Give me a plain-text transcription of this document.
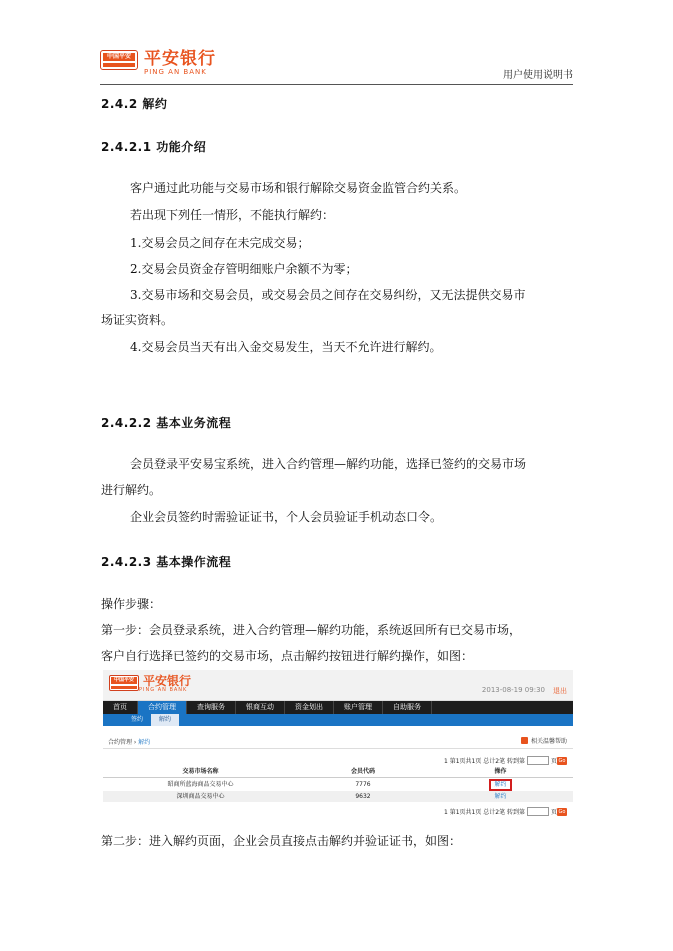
中国平安 平安银行
PING AN BANK	用户使用说明书
2.4.2 解约
2.4.2.1 功能介绍
客户通过此功能与交易市场和银行解除交易资金监管合约关系。
若出现下列任一情形，不能执行解约：
1.交易会员之间存在未完成交易；
2.交易会员资金存管明细账户余额不为零；
3.交易市场和交易会员，或交易会员之间存在交易纠纷，又无法提供交易市
场证实资料。
4.交易会员当天有出入金交易发生，当天不允许进行解约。
2.4.2.2 基本业务流程
会员登录平安易宝系统，进入合约管理—解约功能，选择已签约的交易市场
进行解约。
企业会员签约时需验证证书，个人会员验证手机动态口令。
2.4.2.3 基本操作流程
操作步骤：
第一步：会员登录系统，进入合约管理—解约功能，系统返回所有已交易市场，
客户自行选择已签约的交易市场，点击解约按钮进行解约操作，如图：
中国平安 平安银行
PING AN BANK	2013-08-19 09:30 退出
首页	合约管理	查询服务	银商互动	资金划出	账户管理	自助服务
签约	解约
合约管理 › 解约	相关温馨帮助
1 第1页共1页 总计2笔 转到第	页 Go
交易市场名称	会员代码	操作
昭商所蓝海商品交易中心	7776	解约
深圳商品交易中心	9632	解约
1 第1页共1页 总计2笔 转到第	页 Go
第二步：进入解约页面，企业会员直接点击解约并验证证书，如图：
